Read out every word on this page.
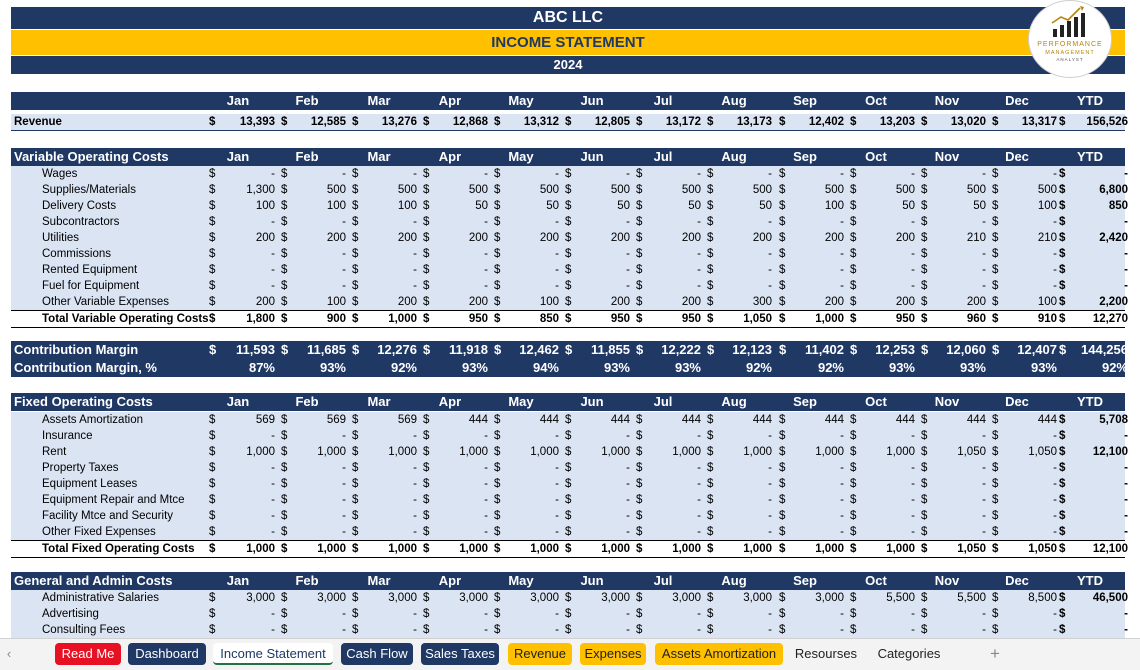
ABC LLC
INCOME STATEMENT
2024
PERFORMANCE
MANAGEMENT
ANALYST
Jan	Feb	Mar	Apr	May	Jun	Jul	Aug	Sep	Oct	Nov	Dec	YTD
Revenue	$	13,393 $	12,585 $	13,276 $	12,868 $	13,312 $	12,805 $	13,172 $	13,173 $	12,402 $	13,203 $	13,020 $	13,317 $	156,526
Variable Operating Costs	Jan	Feb	Mar	Apr	May	Jun	Jul	Aug	Sep	Oct	Nov	Dec	YTD
Wages	$	- $	- $	- $	- $	- $	- $	- $	- $	- $	- $	- $	- $	-
Supplies/Materials	$	1,300 $	500 $	500 $	500 $	500 $	500 $	500 $	500 $	500 $	500 $	500 $	500 $	6,800
Delivery Costs	$	100 $	100 $	100 $	50 $	50 $	50 $	50 $	50 $	100 $	50 $	50 $	100 $	850
Subcontractors	$	- $	- $	- $	- $	- $	- $	- $	- $	- $	- $	- $	- $	-
Utilities	$	200 $	200 $	200 $	200 $	200 $	200 $	200 $	200 $	200 $	200 $	210 $	210 $	2,420
Commissions	$	- $	- $	- $	- $	- $	- $	- $	- $	- $	- $	- $	- $	-
Rented Equipment	$	- $	- $	- $	- $	- $	- $	- $	- $	- $	- $	- $	- $	-
Fuel for Equipment	$	- $	- $	- $	- $	- $	- $	- $	- $	- $	- $	- $	- $	-
Other Variable Expenses	$	200 $	100 $	200 $	200 $	100 $	200 $	200 $	300 $	200 $	200 $	200 $	100 $	2,200
Total Variable Operating Costs $	1,800 $	900 $	1,000 $	950 $	850 $	950 $	950 $	1,050 $	1,000 $	950 $	960 $	910 $	12,270
Contribution Margin	$	11,593 $	11,685 $	12,276 $	11,918 $	12,462 $	11,855 $	12,222 $	12,123 $	11,402 $	12,253 $	12,060 $	12,407 $	144,256
Contribution Margin, %	87%	93%	92%	93%	94%	93%	93%	92%	92%	93%	93%	93%	92%
Fixed Operating Costs	Jan	Feb	Mar	Apr	May	Jun	Jul	Aug	Sep	Oct	Nov	Dec	YTD
Assets Amortization	$	569 $	569 $	569 $	444 $	444 $	444 $	444 $	444 $	444 $	444 $	444 $	444 $	5,708
Insurance	$	- $	- $	- $	- $	- $	- $	- $	- $	- $	- $	- $	- $	-
Rent	$	1,000 $	1,000 $	1,000 $	1,000 $	1,000 $	1,000 $	1,000 $	1,000 $	1,000 $	1,000 $	1,050 $	1,050 $	12,100
Property Taxes	$	- $	- $	- $	- $	- $	- $	- $	- $	- $	- $	- $	- $	-
Equipment Leases	$	- $	- $	- $	- $	- $	- $	- $	- $	- $	- $	- $	- $	-
Equipment Repair and Mtce $	- $	- $	- $	- $	- $	- $	- $	- $	- $	- $	- $	- $	-
Facility Mtce and Security	$	- $	- $	- $	- $	- $	- $	- $	- $	- $	- $	- $	- $	-
Other Fixed Expenses	$	- $	- $	- $	- $	- $	- $	- $	- $	- $	- $	- $	- $	-
Total Fixed Operating Costs $	1,000 $	1,000 $	1,000 $	1,000 $	1,000 $	1,000 $	1,000 $	1,000 $	1,000 $	1,000 $	1,050 $	1,050 $	12,100
General and Admin Costs	Jan	Feb	Mar	Apr	May	Jun	Jul	Aug	Sep	Oct	Nov	Dec	YTD
Administrative Salaries	$	3,000 $	3,000 $	3,000 $	3,000 $	3,000 $	3,000 $	3,000 $	3,000 $	3,000 $	5,500 $	5,500 $	8,500 $	46,500
Advertising	$	- $	- $	- $	- $	- $	- $	- $	- $	- $	- $	- $	- $	-
Consulting Fees	$	- $	- $	- $	- $	- $	- $	- $	- $	- $	- $	- $	- $	-
‹	Read Me	Dashboard	Income Statement	Cash Flow	Sales Taxes	Revenue	Expenses	Assets Amortization	Resourses	Categories	+
